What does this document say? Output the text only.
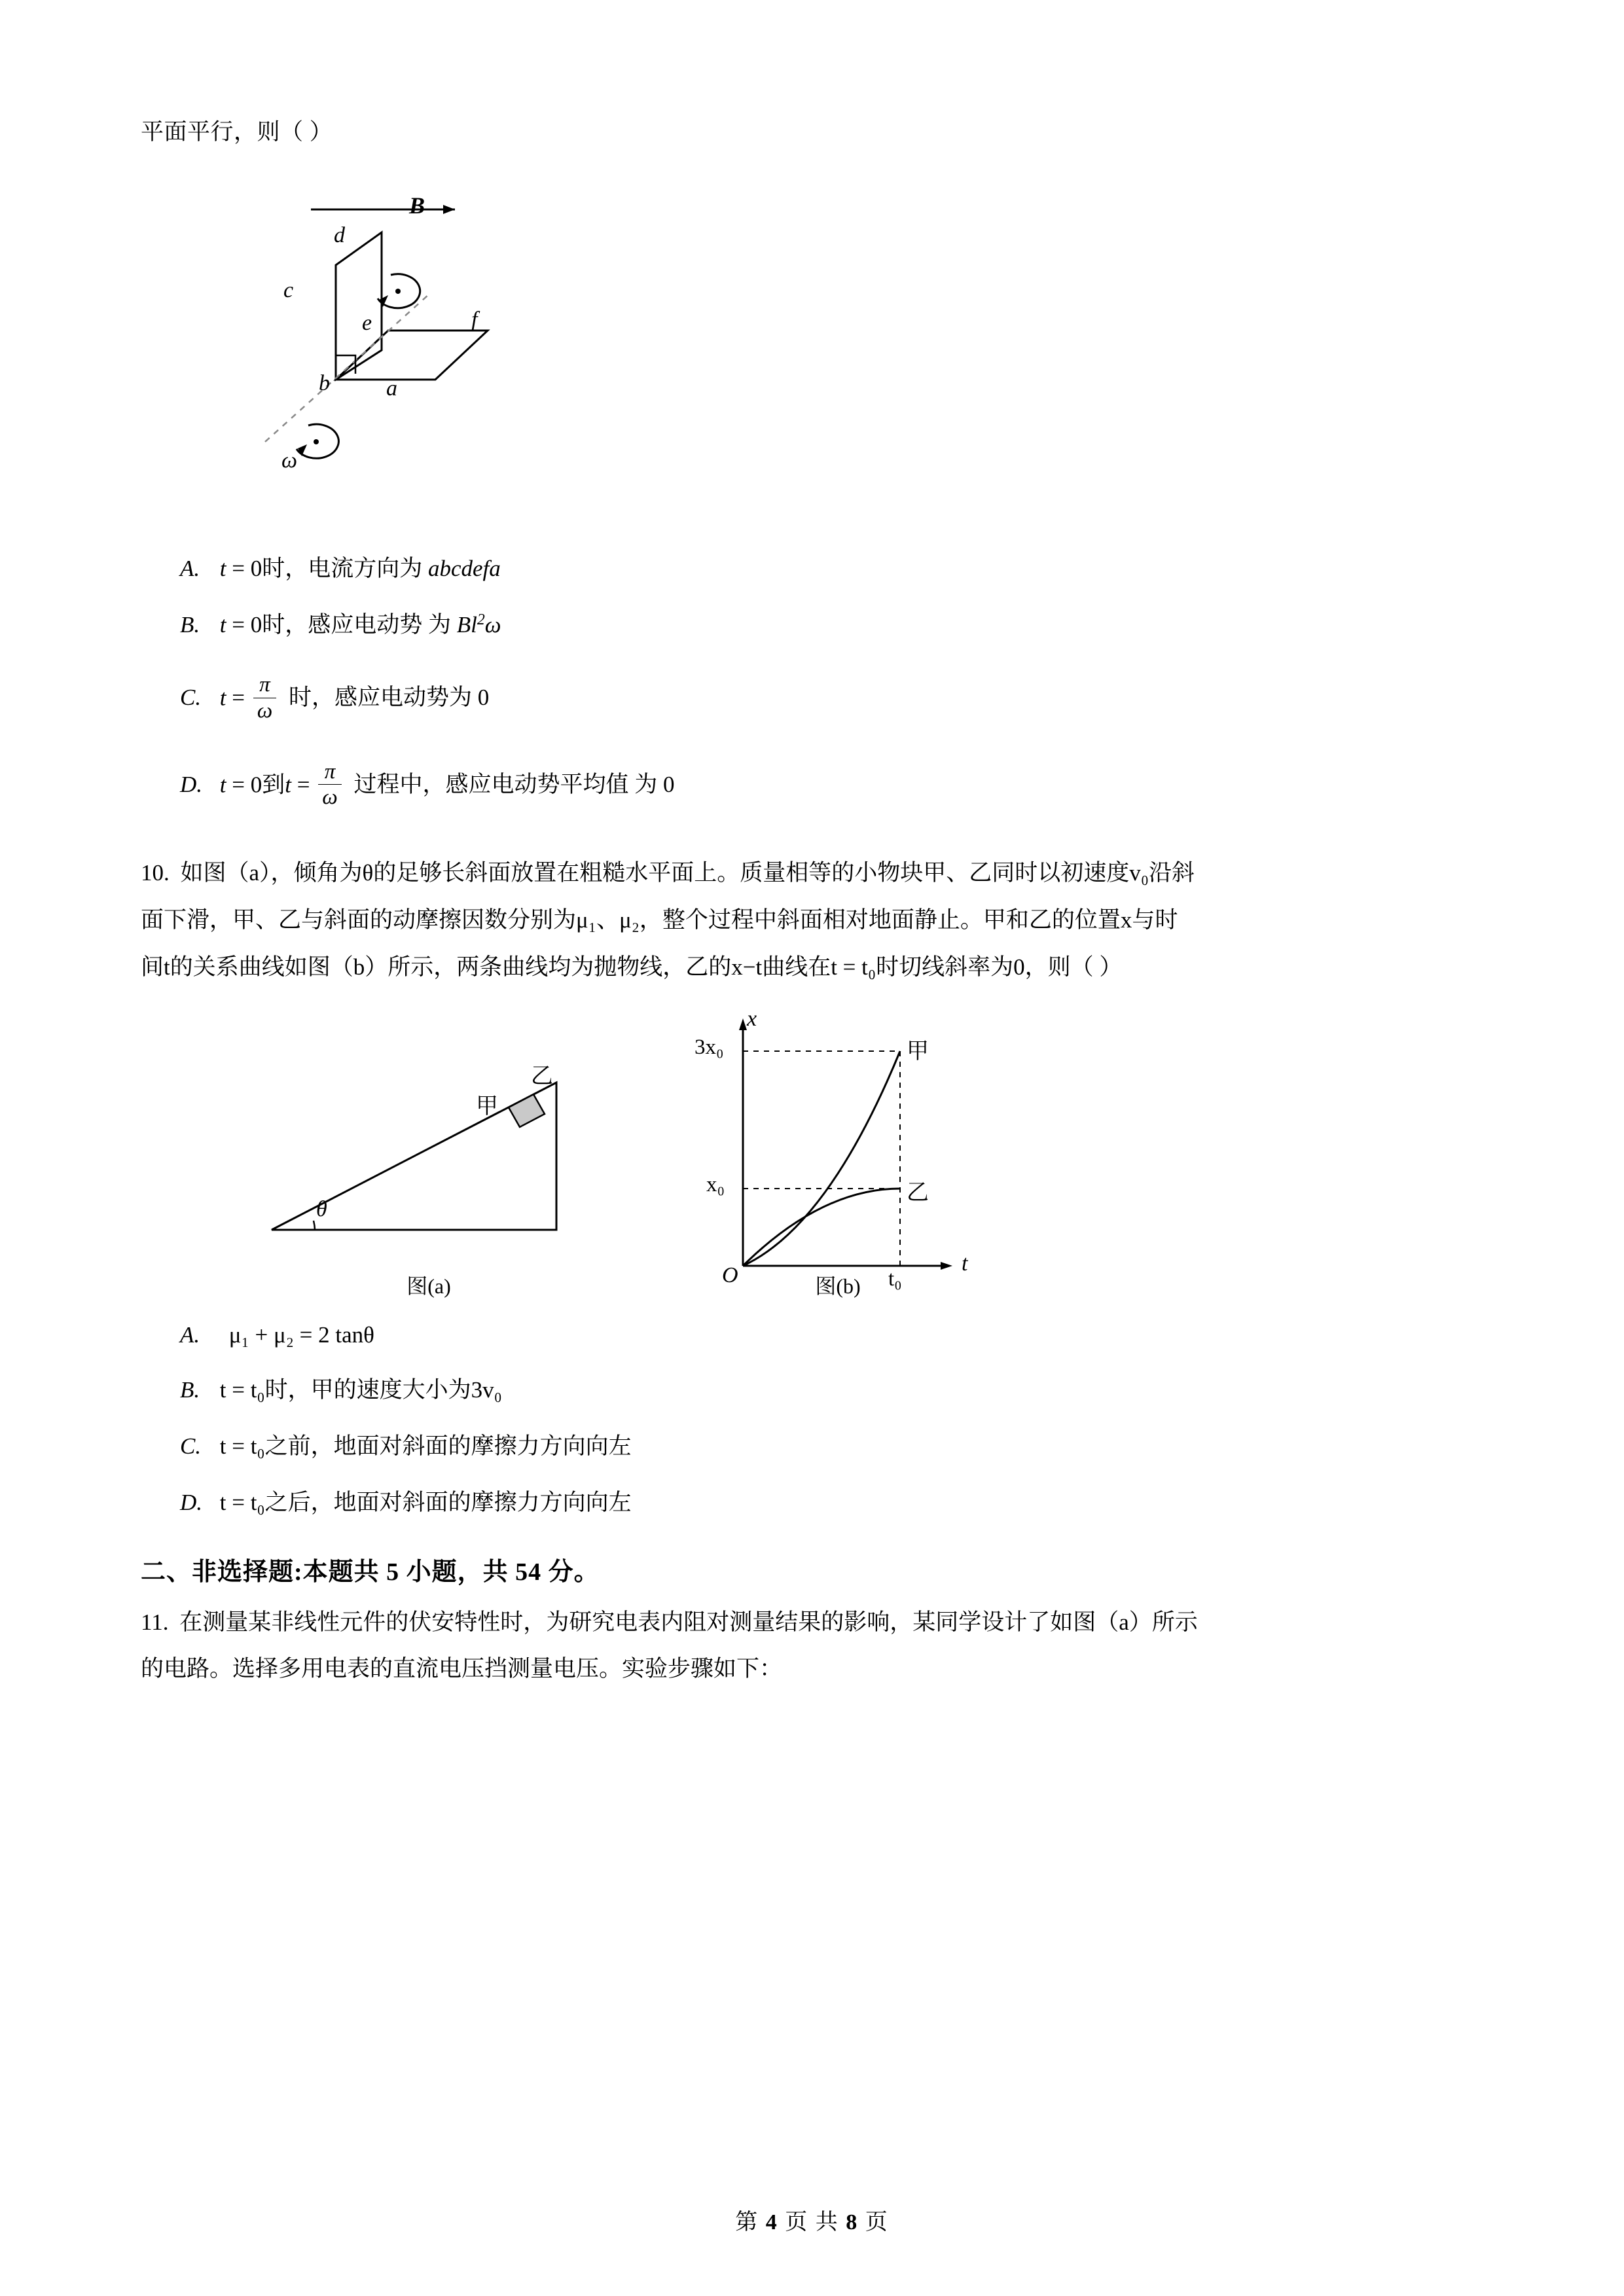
平面平行，则（ ）
B
d
c
e	f
a
b
ω
A. t = 0时，电流方向为 abcdefa
B. t = 0时，感应电动势 为 Bl$^2$ω
C. $t = \frac{\pi}{\omega}$ 时，感应电动势为 0
D. t = 0到$t = \frac{\pi}{\omega}$ 过程中，感应电动势平均值 为 0
10. 如图（a），倾角为θ的足够长斜面放置在粗糙水平面上。质量相等的小物块甲、乙同时以初速度v₀沿斜
面下滑，甲、乙与斜面的动摩擦因数分别为μ₁、μ₂，整个过程中斜面相对地面静止。甲和乙的位置x与时
间t的关系曲线如图（b）所示，两条曲线均为抛物线，乙的x−t曲线在t = t₀时切线斜率为0，则（ ）
θ
甲
乙
图(a)
x
t
O
3x₀
x₀
t₀
甲
乙
图(b)
A. μ₁ + μ₂ = 2 tanθ
B. t = t₀时，甲的速度大小为3v₀
C. t = t₀之前，地面对斜面的摩擦力方向向左
D. t = t₀之后，地面对斜面的摩擦力方向向左
二、非选择题:本题共 5 小题，共 54 分。
11. 在测量某非线性元件的伏安特性时，为研究电表内阻对测量结果的影响，某同学设计了如图（a）所示
的电路。选择多用电表的直流电压挡测量电压。实验步骤如下：
第 4 页 共 8 页
